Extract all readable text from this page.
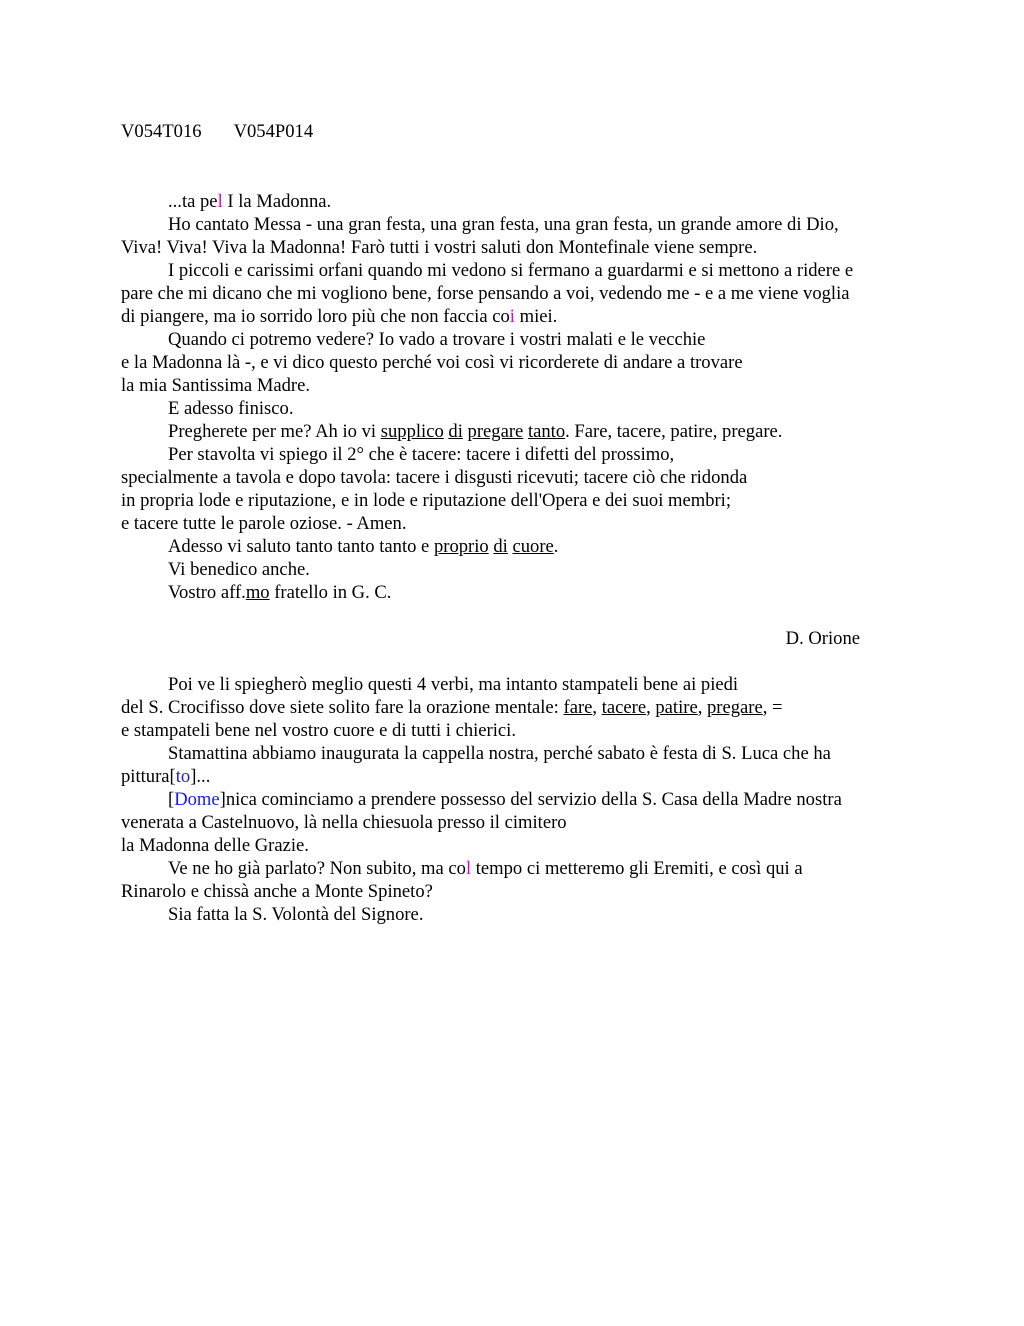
V054T016 V054P014

...ta pel I la Madonna.

Ho cantato Messa - una gran festa, una gran festa, una gran festa, un grande amore di Dio, Viva! Viva! Viva la Madonna! Farò tutti i vostri saluti don Montefinale viene sempre.

I piccoli e carissimi orfani quando mi vedono si fermano a guardarmi e si mettono a ridere e pare che mi dicano che mi vogliono bene, forse pensando a voi, vedendo me - e a me viene voglia di piangere, ma io sorrido loro più che non faccia coi miei.

Quando ci potremo vedere? Io vado a trovare i vostri malati e le vecchie
e la Madonna là -, e vi dico questo perché voi così vi ricorderete di andare a trovare
la mia Santissima Madre.

E adesso finisco.

Pregherete per me? Ah io vi supplico di pregare tanto. Fare, tacere, patire, pregare.

Per stavolta vi spiego il 2° che è tacere: tacere i difetti del prossimo,
specialmente a tavola e dopo tavola: tacere i disgusti ricevuti; tacere ciò che ridonda
in propria lode e riputazione, e in lode e riputazione dell'Opera e dei suoi membri;
e tacere tutte le parole oziose. - Amen.

Adesso vi saluto tanto tanto tanto e proprio di cuore.

Vi benedico anche.

Vostro aff.mo fratello in G. C.

D. Orione

Poi ve li spiegherò meglio questi 4 verbi, ma intanto stampateli bene ai piedi
del S. Crocifisso dove siete solito fare la orazione mentale: fare, tacere, patire, pregare, =
e stampateli bene nel vostro cuore e di tutti i chierici.

Stamattina abbiamo inaugurata la cappella nostra, perché sabato è festa di S. Luca che ha pittura[to]...

[Dome]nica cominciamo a prendere possesso del servizio della S. Casa della Madre nostra venerata a Castelnuovo, là nella chiesuola presso il cimitero
la Madonna delle Grazie.

Ve ne ho già parlato? Non subito, ma col tempo ci metteremo gli Eremiti, e così qui a Rinarolo e chissà anche a Monte Spineto?

Sia fatta la S. Volontà del Signore.
